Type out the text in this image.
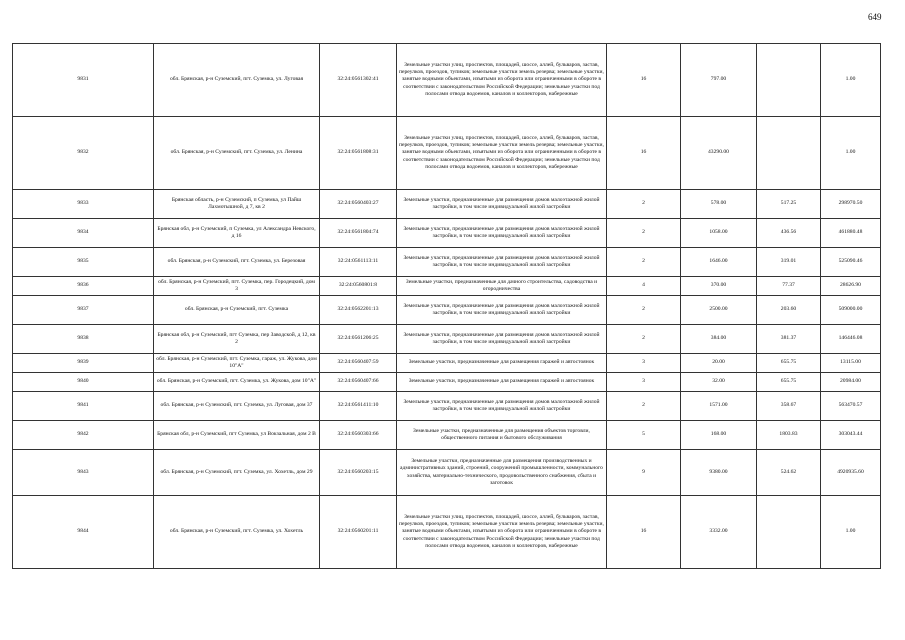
649
9831	обл. Брянская, р-н Суземский, пгт. Суземка, ул. Луговая	32:24:0561302:41	Земельные участки улиц, проспектов, площадей, шоссе, аллей, бульваров, застав, переулков, проездов, тупиков; земельные участки земель резерва; земельные участки, занятые водными объектами, изъятыми из оборота или ограниченными в обороте в соответствии с законодательством Российской Федерации; земельные участки под полосами отвода водоемов, каналов и коллекторов, набережные	16	797.00		1.00
9832	обл. Брянская, р-н Суземский, пгт. Суземка, ул. Ленина	32:24:0561808:31	Земельные участки улиц, проспектов, площадей, шоссе, аллей, бульваров, застав, переулков, проездов, тупиков; земельные участки земель резерва; земельные участки, занятые водными объектами, изъятыми из оборота или ограниченными в обороте в соответствии с законодательством Российской Федерации; земельные участки под полосами отвода водоемов, каналов и коллекторов, набережные	16	43290.00		1.00
9833	Брянская область, р-н Суземский, п Суземка, ул Пайш Лахмотышной, д 7, кв 2	32:24:0560403:27	Земельные участки, предназначенные для размещения домов малоэтажной жилой застройки, в том числе индивидуальной жилой застройки	2	578.00	517.25	298970.50
9834	Брянская обл, р-н Суземский, п Суземка, ул Александра Невского, д 16	32:24:0561804:74	Земельные участки, предназначенные для размещения домов малоэтажной жилой застройки, в том числе индивидуальной жилой застройки	2	1058.00	436.56	461880.48
9835	обл. Брянская, р-н Суземский, пгт. Суземка, ул. Березовая	32:24:0561113:11	Земельные участки, предназначенные для размещения домов малоэтажной жилой застройки, в том числе индивидуальной жилой застройки	2	1646.00	319.01	525090.46
9836	обл. Брянская, р-н Суземский, пгт. Суземка, пер. Городецкий, дом 3	32:24:0560801:8	Земельные участки, предназначенные для дачного строительства, садоводства и огородничества	4	370.00	77.37	28626.90
9837	обл. Брянская, р-н Суземский, пгт. Суземка	32:24:0562201:13	Земельные участки, предназначенные для размещения домов малоэтажной жилой застройки, в том числе индивидуальной жилой застройки	2	2500.00	203.60	509000.00
9838	Брянская обл, р-н Суземский, пгт Суземка, пер Заводской, д 12, кв 2	32:24:0561206:25	Земельные участки, предназначенные для размещения домов малоэтажной жилой застройки, в том числе индивидуальной жилой застройки	2	384.00	381.37	146446.08
9839	обл. Брянская, р-н Суземский, пгт. Суземка, гараж, ул. Жукова, дом 10"А"	32:24:0560407:59	Земельные участки, предназначенные для размещения гаражей и автостоянок	3	20.00	655.75	13115.00
9840	обл. Брянская, р-н Суземский, пгт. Суземка, ул. Жукова, дом 10"А"	32:24:0560407:66	Земельные участки, предназначенные для размещения гаражей и автостоянок	3	32.00	655.75	20984.00
9841	обл. Брянская, р-н Суземский, пгт. Суземка, ул. Луговая, дом 37	32:24:0561411:10	Земельные участки, предназначенные для размещения домов малоэтажной жилой застройки, в том числе индивидуальной жилой застройки	2	1571.00	358.67	563470.57
9842	Брянская обл, р-н Суземский, пгт Суземка, ул Вокзальная, дом 2 В	32:24:0560303:66	Земельные участки, предназначенные для размещения объектов торговли, общественного питания и бытового обслуживания	5	168.00	1803.83	303043.44
9843	обл. Брянская, р-н Суземский, пгт. Суземка, ул. Хохетль, дом 29	32:24:0560203:15	Земельные участки, предназначенные для размещения производственных и административных зданий, строений, сооружений промышленности, коммунального хозяйства, материально-технического, продовольственного снабжения, сбыта и заготовок	9	9380.00	524.62	4920935.60
9844	обл. Брянская, р-н Суземский, пгт. Суземка, ул. Хохетль	32:24:0560201:11	Земельные участки улиц, проспектов, площадей, шоссе, аллей, бульваров, застав, переулков, проездов, тупиков; земельные участки земель резерва; земельные участки, занятые водными объектами, изъятыми из оборота или ограниченными в обороте в соответствии с законодательством Российской Федерации; земельные участки под полосами отвода водоемов, каналов и коллекторов, набережные	16	3332.00		1.00
